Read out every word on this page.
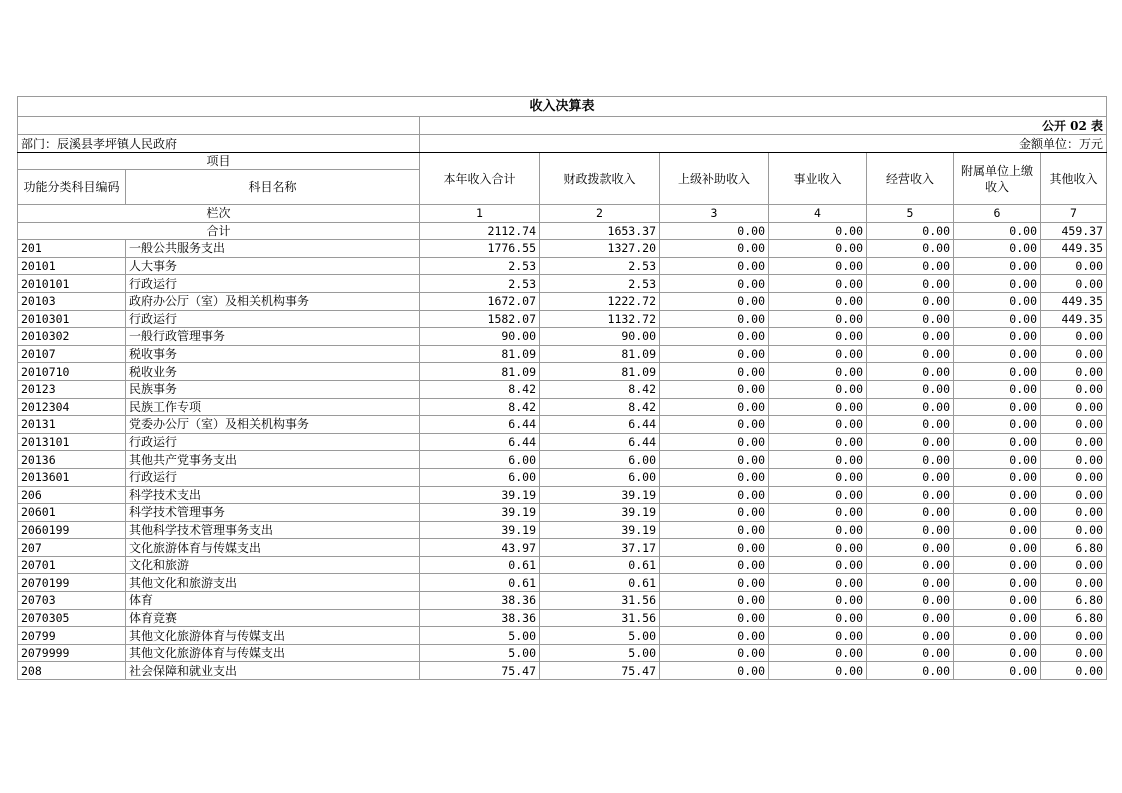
收入决算表								
		公开 02 表						
部门：辰溪县孝坪镇人民政府		金额单位：万元						
项目		本年收入合计	财政拨款收入	上级补助收入	事业收入	经营收入	附属单位上缴收入	其他收入
功能分类科目编码	科目名称							
栏次		1	2	3	4	5	6	7
合计		2112.74	1653.37	0.00	0.00	0.00	0.00	459.37
201	一般公共服务支出	1776.55	1327.20	0.00	0.00	0.00	0.00	449.35
20101	人大事务	2.53	2.53	0.00	0.00	0.00	0.00	0.00
2010101	行政运行	2.53	2.53	0.00	0.00	0.00	0.00	0.00
20103	政府办公厅（室）及相关机构事务	1672.07	1222.72	0.00	0.00	0.00	0.00	449.35
2010301	行政运行	1582.07	1132.72	0.00	0.00	0.00	0.00	449.35
2010302	一般行政管理事务	90.00	90.00	0.00	0.00	0.00	0.00	0.00
20107	税收事务	81.09	81.09	0.00	0.00	0.00	0.00	0.00
2010710	税收业务	81.09	81.09	0.00	0.00	0.00	0.00	0.00
20123	民族事务	8.42	8.42	0.00	0.00	0.00	0.00	0.00
2012304	民族工作专项	8.42	8.42	0.00	0.00	0.00	0.00	0.00
20131	党委办公厅（室）及相关机构事务	6.44	6.44	0.00	0.00	0.00	0.00	0.00
2013101	行政运行	6.44	6.44	0.00	0.00	0.00	0.00	0.00
20136	其他共产党事务支出	6.00	6.00	0.00	0.00	0.00	0.00	0.00
2013601	行政运行	6.00	6.00	0.00	0.00	0.00	0.00	0.00
206	科学技术支出	39.19	39.19	0.00	0.00	0.00	0.00	0.00
20601	科学技术管理事务	39.19	39.19	0.00	0.00	0.00	0.00	0.00
2060199	其他科学技术管理事务支出	39.19	39.19	0.00	0.00	0.00	0.00	0.00
207	文化旅游体育与传媒支出	43.97	37.17	0.00	0.00	0.00	0.00	6.80
20701	文化和旅游	0.61	0.61	0.00	0.00	0.00	0.00	0.00
2070199	其他文化和旅游支出	0.61	0.61	0.00	0.00	0.00	0.00	0.00
20703	体育	38.36	31.56	0.00	0.00	0.00	0.00	6.80
2070305	体育竞赛	38.36	31.56	0.00	0.00	0.00	0.00	6.80
20799	其他文化旅游体育与传媒支出	5.00	5.00	0.00	0.00	0.00	0.00	0.00
2079999	其他文化旅游体育与传媒支出	5.00	5.00	0.00	0.00	0.00	0.00	0.00
208	社会保障和就业支出	75.47	75.47	0.00	0.00	0.00	0.00	0.00
